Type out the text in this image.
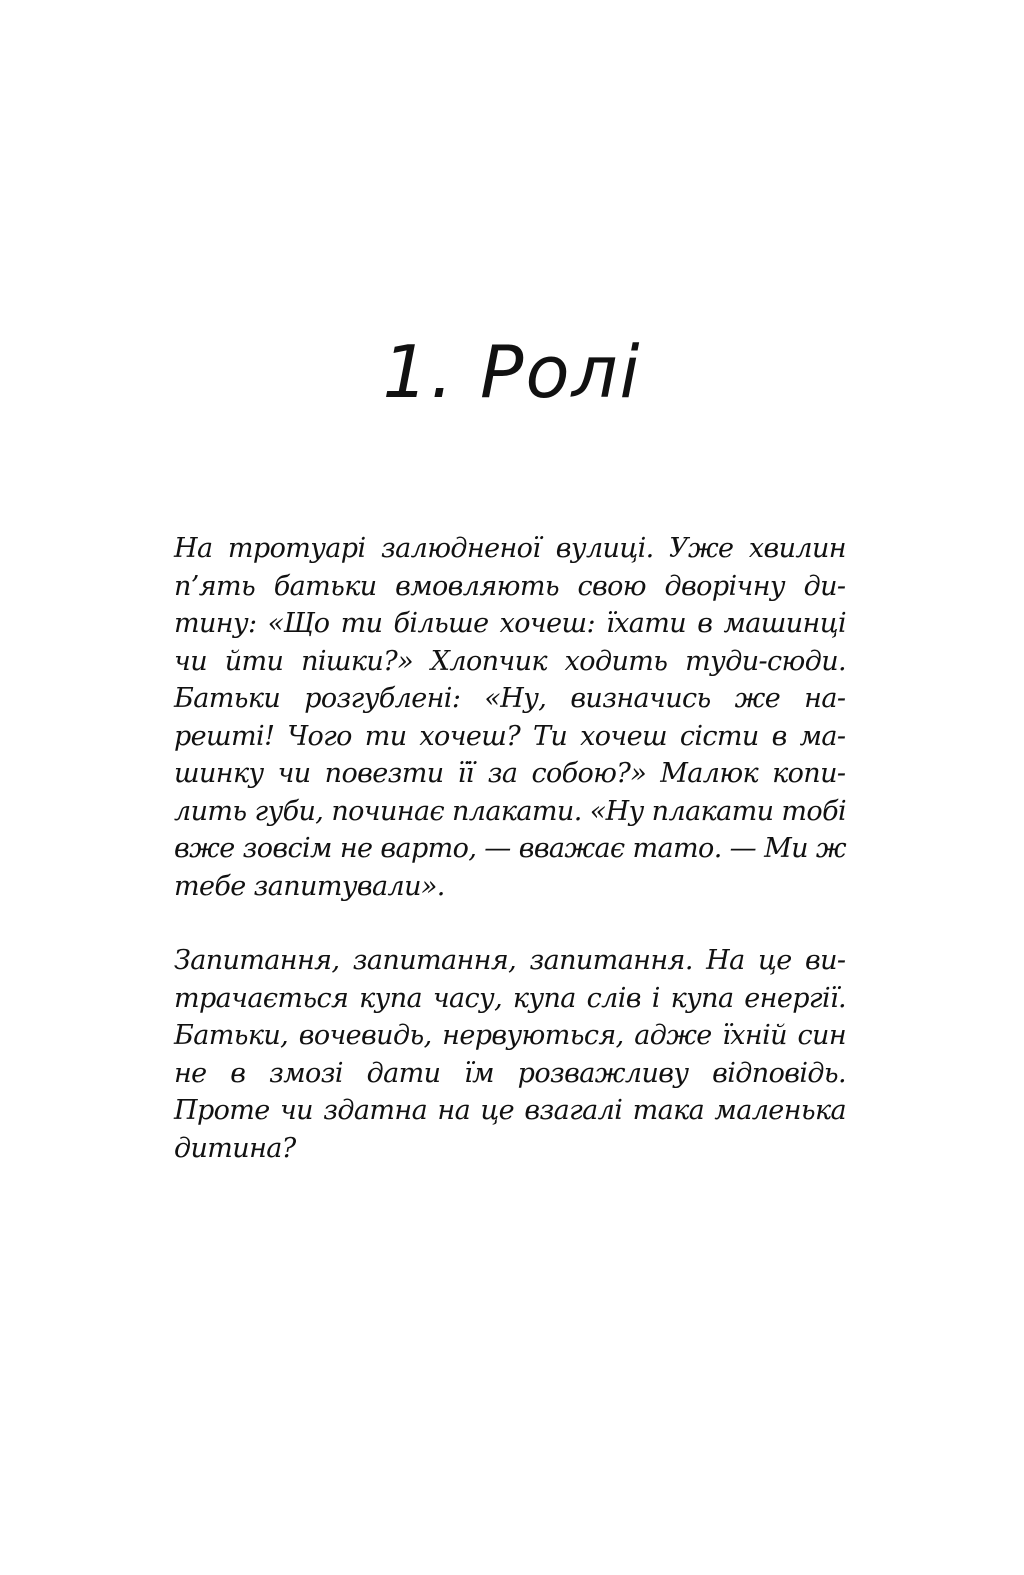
1. Ролі

На тротуарі залюдненої вулиці. Уже хвилин п’ять батьки вмовляють свою дворічну дитину: «Що ти більше хочеш: їхати в машинці чи йти пішки?» Хлопчик ходить туди-сюди. Батьки розгублені: «Ну, визначись же нарешті! Чого ти хочеш? Ти хочеш сісти в машинку чи повезти її за собою?» Малюк копилить губи, починає плакати. «Ну плакати тобі вже зовсім не варто, — вважає тато. — Ми ж тебе запитували».

Запитання, запитання, запитання. На це витрачається купа часу, купа слів і купа енергії. Батьки, вочевидь, нервуються, адже їхній син не в змозі дати їм розважливу відповідь. Проте чи здатна на це взагалі така маленька дитина?
